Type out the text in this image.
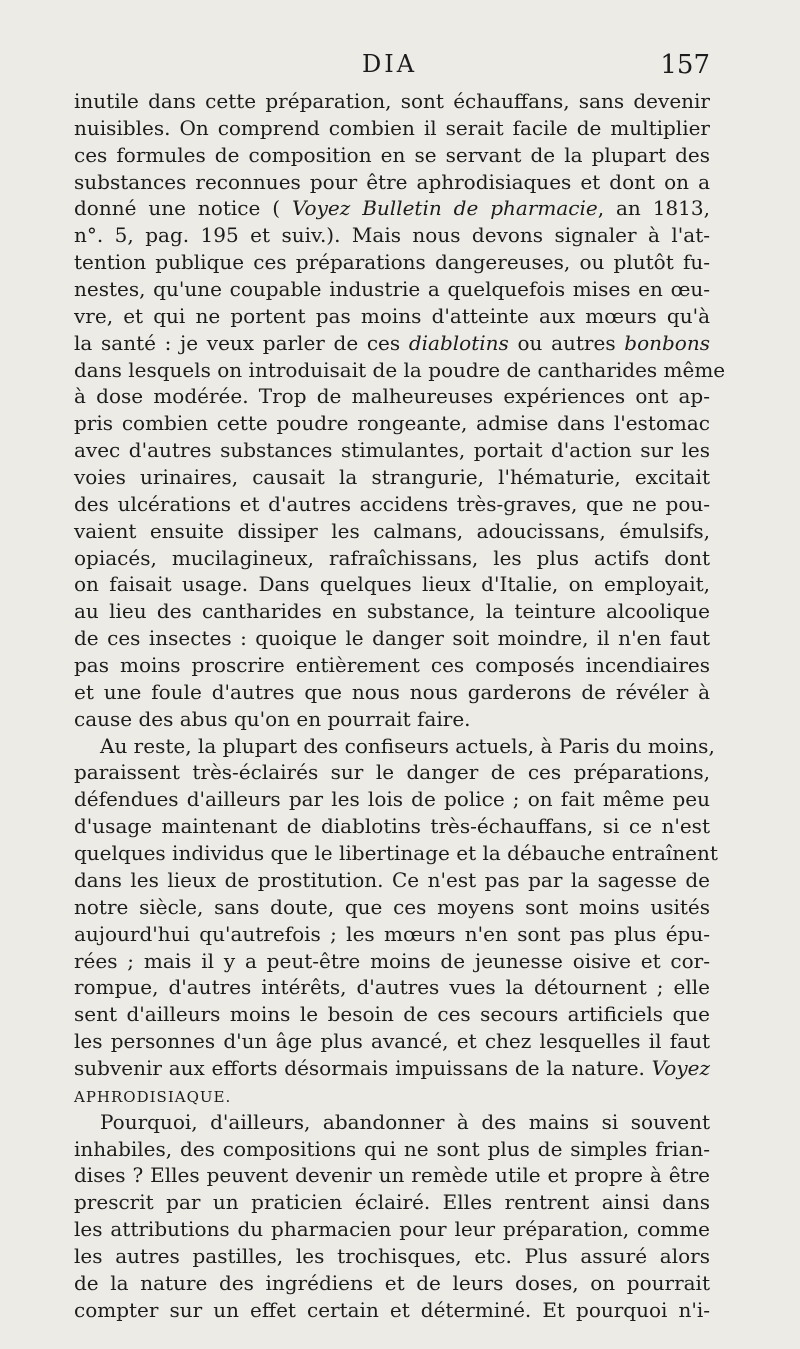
DIA	157
inutile dans cette préparation, sont échauffans, sans devenir
nuisibles. On comprend combien il serait facile de multiplier
ces formules de composition en se servant de la plupart des
substances reconnues pour être aphrodisiaques et dont on a
donné une notice ( Voyez Bulletin de pharmacie, an 1813,
n°. 5, pag. 195 et suiv.). Mais nous devons signaler à l'at-
tention publique ces préparations dangereuses, ou plutôt fu-
nestes, qu'une coupable industrie a quelquefois mises en œu-
vre, et qui ne portent pas moins d'atteinte aux mœurs qu'à
la santé : je veux parler de ces diablotins ou autres bonbons
dans lesquels on introduisait de la poudre de cantharides même
à dose modérée. Trop de malheureuses expériences ont ap-
pris combien cette poudre rongeante, admise dans l'estomac
avec d'autres substances stimulantes, portait d'action sur les
voies urinaires, causait la strangurie, l'hématurie, excitait
des ulcérations et d'autres accidens très-graves, que ne pou-
vaient ensuite dissiper les calmans, adoucissans, émulsifs,
opiacés, mucilagineux, rafraîchissans, les plus actifs dont
on faisait usage. Dans quelques lieux d'Italie, on employait,
au lieu des cantharides en substance, la teinture alcoolique
de ces insectes : quoique le danger soit moindre, il n'en faut
pas moins proscrire entièrement ces composés incendiaires
et une foule d'autres que nous nous garderons de révéler à
cause des abus qu'on en pourrait faire.
Au reste, la plupart des confiseurs actuels, à Paris du moins,
paraissent très-éclairés sur le danger de ces préparations,
défendues d'ailleurs par les lois de police ; on fait même peu
d'usage maintenant de diablotins très-échauffans, si ce n'est
quelques individus que le libertinage et la débauche entraînent
dans les lieux de prostitution. Ce n'est pas par la sagesse de
notre siècle, sans doute, que ces moyens sont moins usités
aujourd'hui qu'autrefois ; les mœurs n'en sont pas plus épu-
rées ; mais il y a peut-être moins de jeunesse oisive et cor-
rompue, d'autres intérêts, d'autres vues la détournent ; elle
sent d'ailleurs moins le besoin de ces secours artificiels que
les personnes d'un âge plus avancé, et chez lesquelles il faut
subvenir aux efforts désormais impuissans de la nature. Voyez
APHRODISIAQUE.
Pourquoi, d'ailleurs, abandonner à des mains si souvent
inhabiles, des compositions qui ne sont plus de simples frian-
dises ? Elles peuvent devenir un remède utile et propre à être
prescrit par un praticien éclairé. Elles rentrent ainsi dans
les attributions du pharmacien pour leur préparation, comme
les autres pastilles, les trochisques, etc. Plus assuré alors
de la nature des ingrédiens et de leurs doses, on pourrait
compter sur un effet certain et déterminé. Et pourquoi n'i-
